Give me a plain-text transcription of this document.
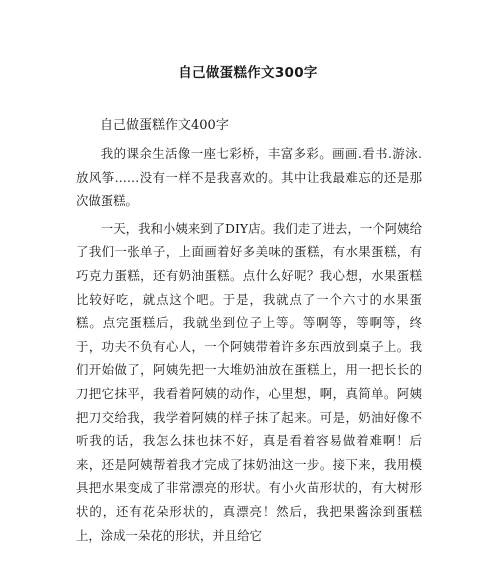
自己做蛋糕作文300字
自己做蛋糕作文400字

我的课余生活像一座七彩桥，丰富多彩。画画.看书.游泳.放风筝……没有一样不是我喜欢的。其中让我最难忘的还是那次做蛋糕。

一天，我和小姨来到了DIY店。我们走了进去，一个阿姨给了我们一张单子，上面画着好多美味的蛋糕，有水果蛋糕，有巧克力蛋糕，还有奶油蛋糕。点什么好呢？我心想，水果蛋糕比较好吃，就点这个吧。于是，我就点了一个六寸的水果蛋糕。点完蛋糕后，我就坐到位子上等。等啊等，等啊等，终于，功夫不负有心人，一个阿姨带着许多东西放到桌子上。我们开始做了，阿姨先把一大堆奶油放在蛋糕上，用一把长长的刀把它抹平，我看着阿姨的动作，心里想，啊，真简单。阿姨把刀交给我，我学着阿姨的样子抹了起来。可是，奶油好像不听我的话，我怎么抹也抹不好，真是看着容易做着难啊！后来，还是阿姨帮着我才完成了抹奶油这一步。接下来，我用模具把水果变成了非常漂亮的形状。有小火苗形状的，有大树形状的，还有花朵形状的，真漂亮！然后，我把果酱涂到蛋糕上，涂成一朵花的形状，并且给它
